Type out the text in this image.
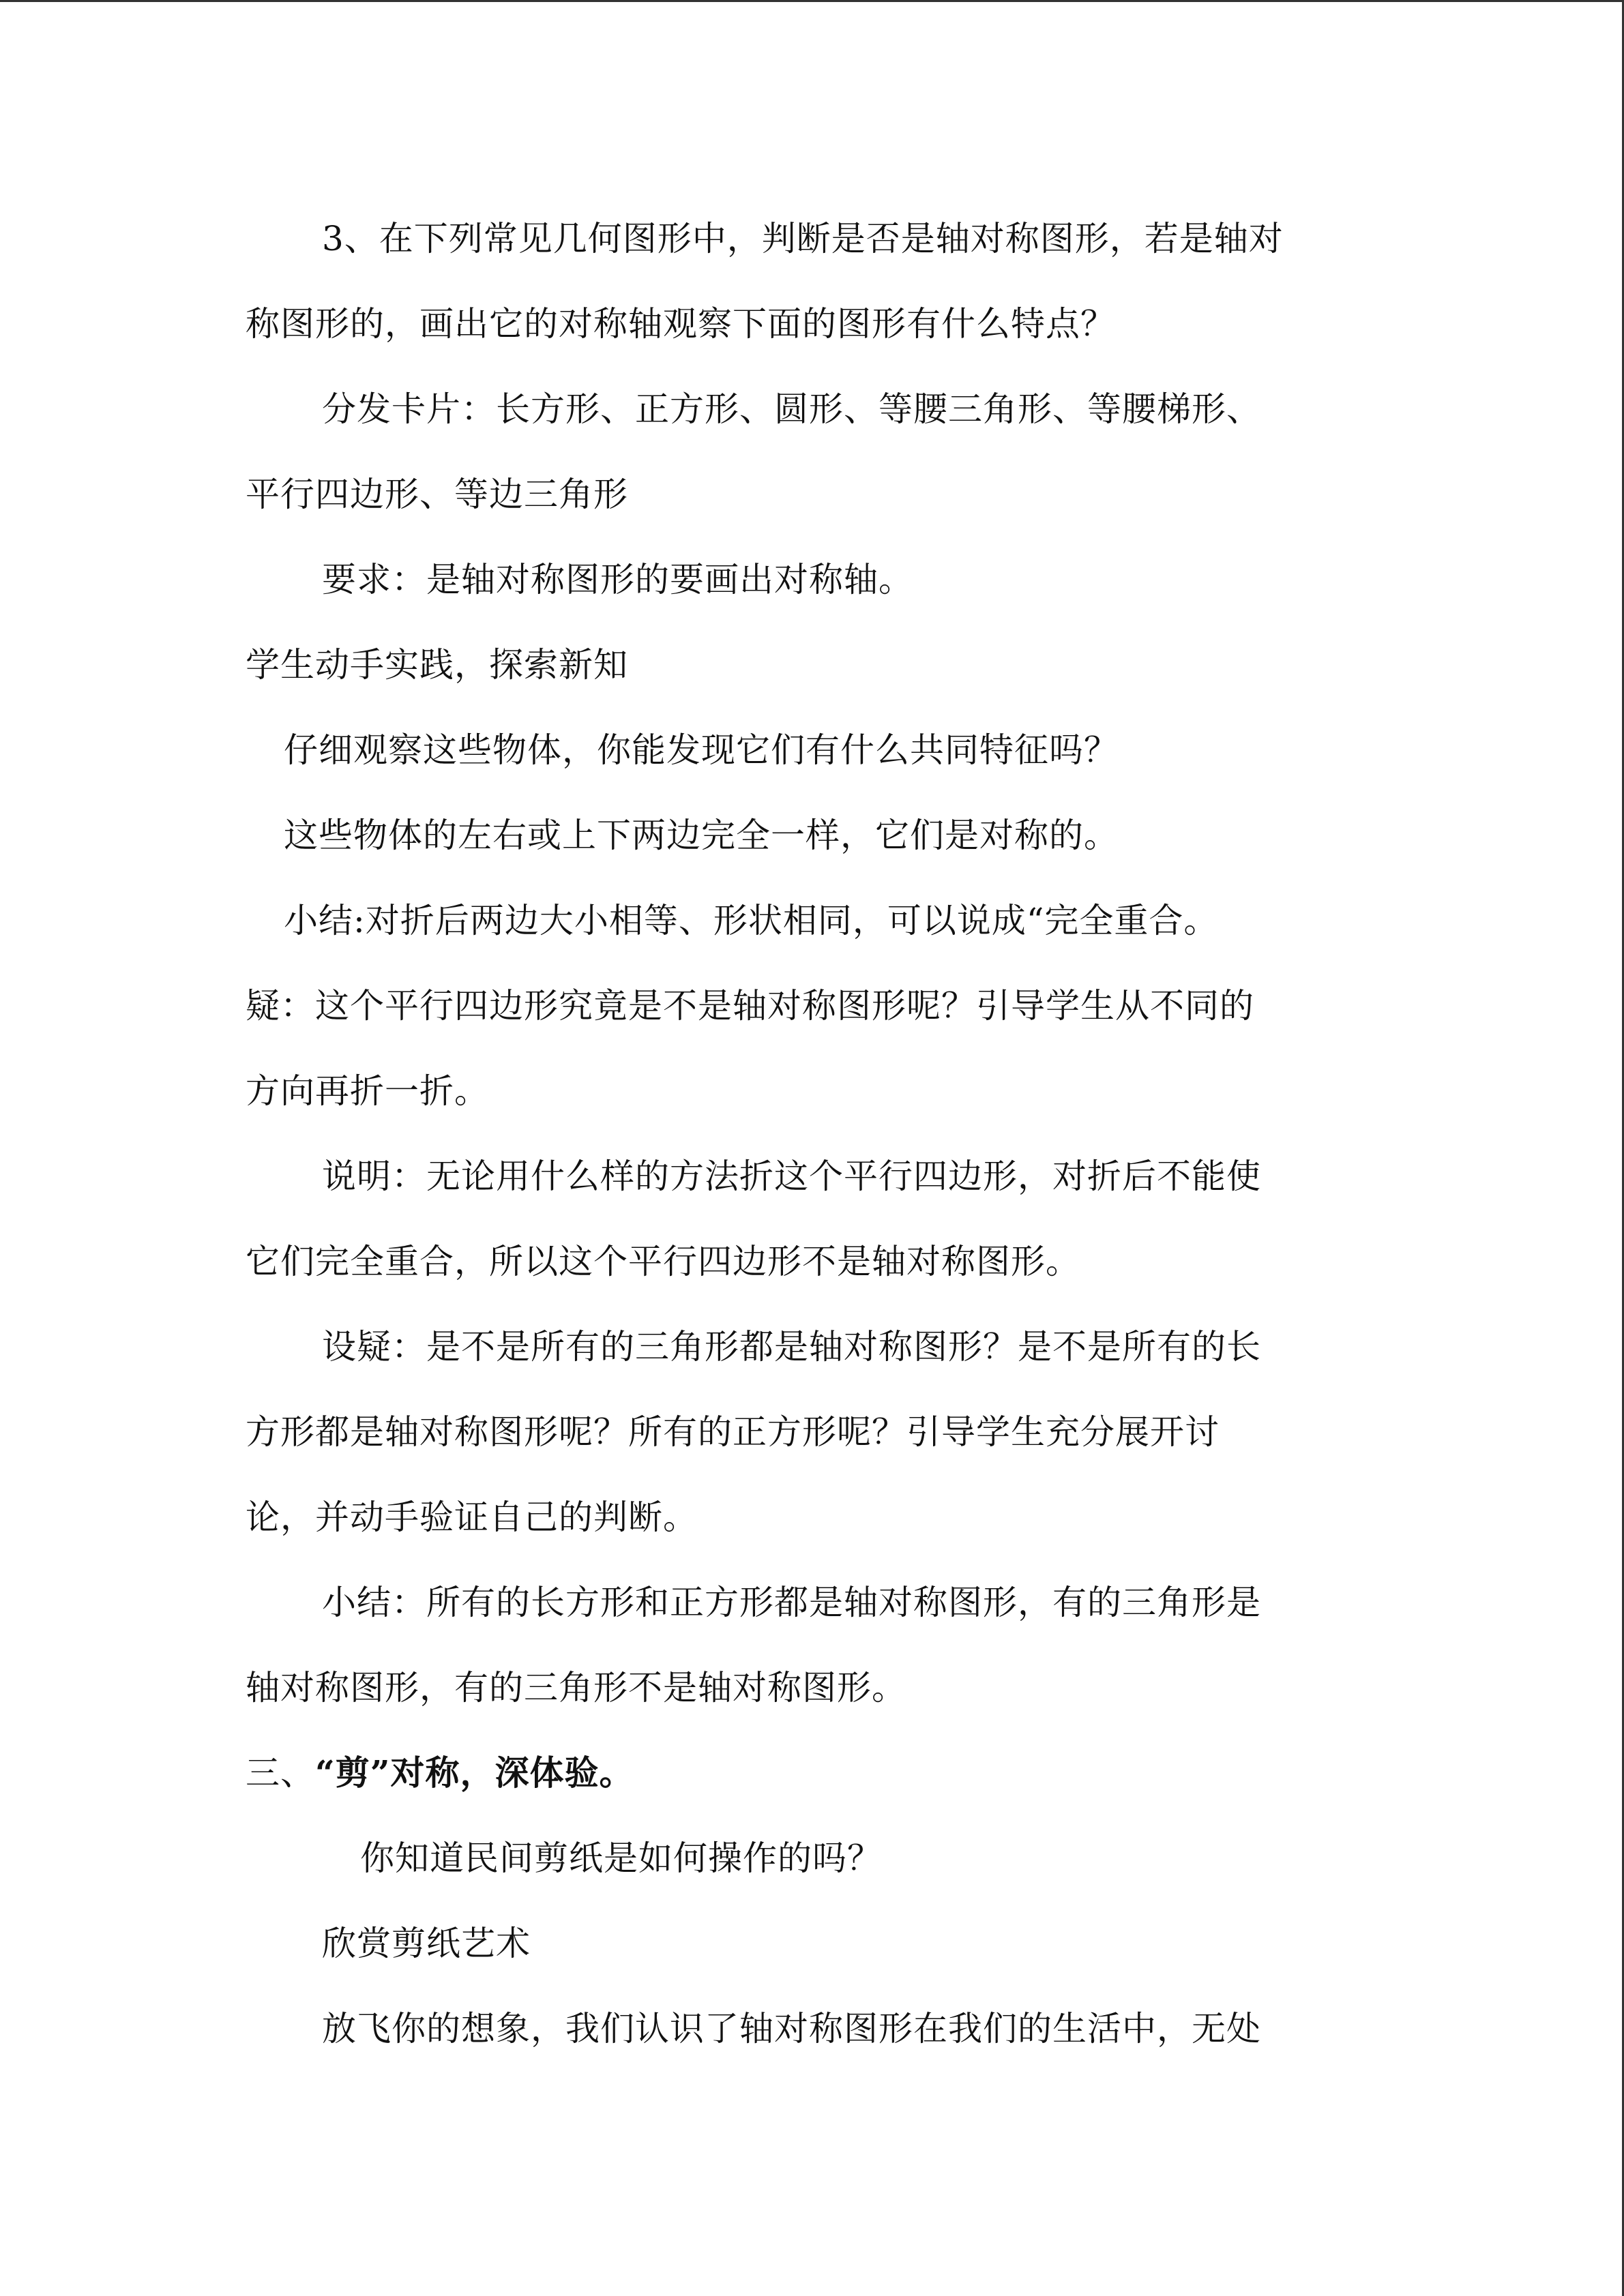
3、在下列常见几何图形中，判断是否是轴对称图形，若是轴对
称图形的，画出它的对称轴观察下面的图形有什么特点？
分发卡片：长方形、正方形、圆形、等腰三角形、等腰梯形、
平行四边形、等边三角形
要求：是轴对称图形的要画出对称轴。
学生动手实践，探索新知
仔细观察这些物体，你能发现它们有什么共同特征吗？
这些物体的左右或上下两边完全一样，它们是对称的。
小结:对折后两边大小相等、形状相同，可以说成“完全重合。
疑：这个平行四边形究竟是不是轴对称图形呢？引导学生从不同的
方向再折一折。
说明：无论用什么样的方法折这个平行四边形，对折后不能使
它们完全重合，所以这个平行四边形不是轴对称图形。
设疑：是不是所有的三角形都是轴对称图形？是不是所有的长
方形都是轴对称图形呢？所有的正方形呢？引导学生充分展开讨
论，并动手验证自己的判断。
小结：所有的长方形和正方形都是轴对称图形，有的三角形是
轴对称图形，有的三角形不是轴对称图形。
三、“剪”对称，深体验。
你知道民间剪纸是如何操作的吗？
欣赏剪纸艺术
放飞你的想象，我们认识了轴对称图形在我们的生活中，无处
